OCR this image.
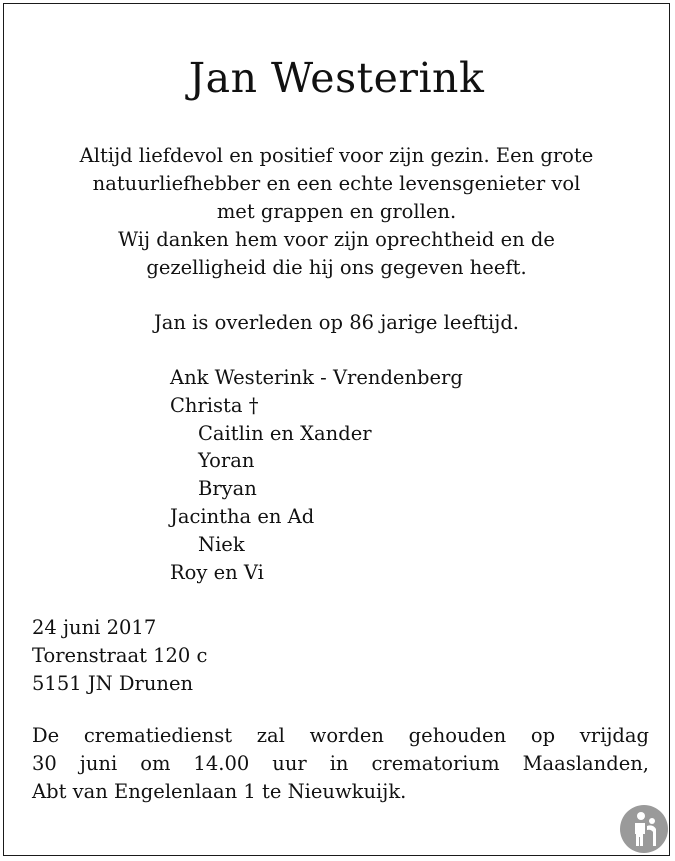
Jan Westerink
Altijd liefdevol en positief voor zijn gezin. Een grote
natuurliefhebber en een echte levensgenieter vol
met grappen en grollen.
Wij danken hem voor zijn oprechtheid en de
gezelligheid die hij ons gegeven heeft.
Jan is overleden op 86 jarige leeftijd.
Ank Westerink - Vrendenberg
Christa †
Caitlin en Xander
Yoran
Bryan
Jacintha en Ad
Niek
Roy en Vi
24 juni 2017
Torenstraat 120 c
5151 JN Drunen
De crematiedienst zal worden gehouden op vrijdag
30 juni om 14.00 uur in crematorium Maaslanden,
Abt van Engelenlaan 1 te Nieuwkuijk.
